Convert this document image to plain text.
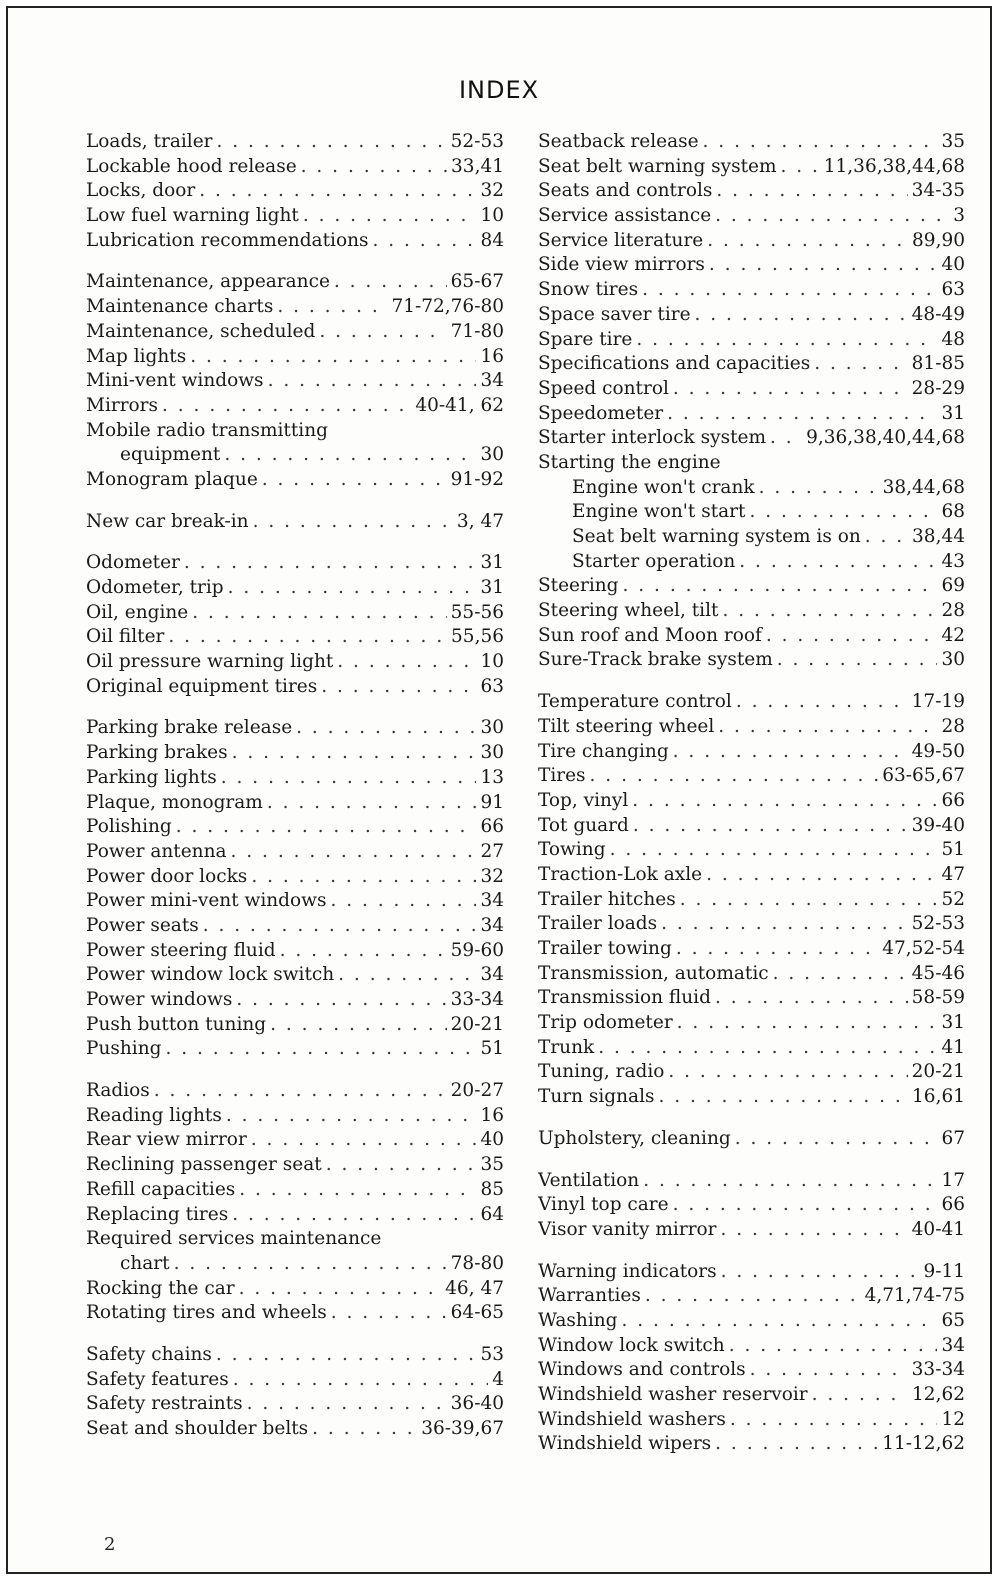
INDEX
Loads, trailer . . .	52-53
Lockable hood release . . .	33,41
Locks, door . . .	32
Low fuel warning light . . .	10
Lubrication recommendations . . .	84
Maintenance, appearance . . .	65-67
Maintenance charts . . .	71-72,76-80
Maintenance, scheduled . . .	71-80
Map lights . . .	16
Mini-vent windows . . .	34
Mirrors . . .	40-41, 62
Mobile radio transmitting
equipment . . .	30
Monogram plaque . . .	91-92
New car break-in . . .	3, 47
Odometer . . .	31
Odometer, trip . . .	31
Oil, engine . . .	55-56
Oil filter . . .	55,56
Oil pressure warning light . . .	10
Original equipment tires . . .	63
Parking brake release . . .	30
Parking brakes . . .	30
Parking lights . . .	13
Plaque, monogram . . .	91
Polishing . . .	66
Power antenna . . .	27
Power door locks . . .	32
Power mini-vent windows . . .	34
Power seats . . .	34
Power steering fluid . . .	59-60
Power window lock switch . . .	34
Power windows . . .	33-34
Push button tuning . . .	20-21
Pushing . . .	51
Radios . . .	20-27
Reading lights . . .	16
Rear view mirror . . .	40
Reclining passenger seat . . .	35
Refill capacities . . .	85
Replacing tires . . .	64
Required services maintenance
chart . . .	78-80
Rocking the car . . .	46, 47
Rotating tires and wheels . . .	64-65
Safety chains . . .	53
Safety features . . .	4
Safety restraints . . .	36-40
Seat and shoulder belts . . .	36-39,67
Seatback release . . .	35
Seat belt warning system . . .	11,36,38,44,68
Seats and controls . . .	34-35
Service assistance . . .	3
Service literature . . .	89,90
Side view mirrors . . .	40
Snow tires . . .	63
Space saver tire . . .	48-49
Spare tire . . .	48
Specifications and capacities . . .	81-85
Speed control . . .	28-29
Speedometer . . .	31
Starter interlock system . . . 9,36,38,40,44,68
Starting the engine
Engine won't crank . . .	38,44,68
Engine won't start . . .	68
Seat belt warning system is on . . .	38,44
Starter operation . . .	43
Steering . . .	69
Steering wheel, tilt . . .	28
Sun roof and Moon roof . . .	42
Sure-Track brake system . . .	30
Temperature control . . .	17-19
Tilt steering wheel . . .	28
Tire changing . . .	49-50
Tires . . .	63-65,67
Top, vinyl . . .	66
Tot guard . . .	39-40
Towing . . .	51
Traction-Lok axle . . .	47
Trailer hitches . . .	52
Trailer loads . . .	52-53
Trailer towing . . .	47,52-54
Transmission, automatic . . .	45-46
Transmission fluid . . .	58-59
Trip odometer . . .	31
Trunk . . .	41
Tuning, radio . . .	20-21
Turn signals . . .	16,61
Upholstery, cleaning . . .	67
Ventilation . . .	17
Vinyl top care . . .	66
Visor vanity mirror . . .	40-41
Warning indicators . . .	9-11
Warranties . . .	4,71,74-75
Washing . . .	65
Window lock switch . . .	34
Windows and controls . . .	33-34
Windshield washer reservoir . . .	12,62
Windshield washers . . .	12
Windshield wipers . . .	11-12,62
2
